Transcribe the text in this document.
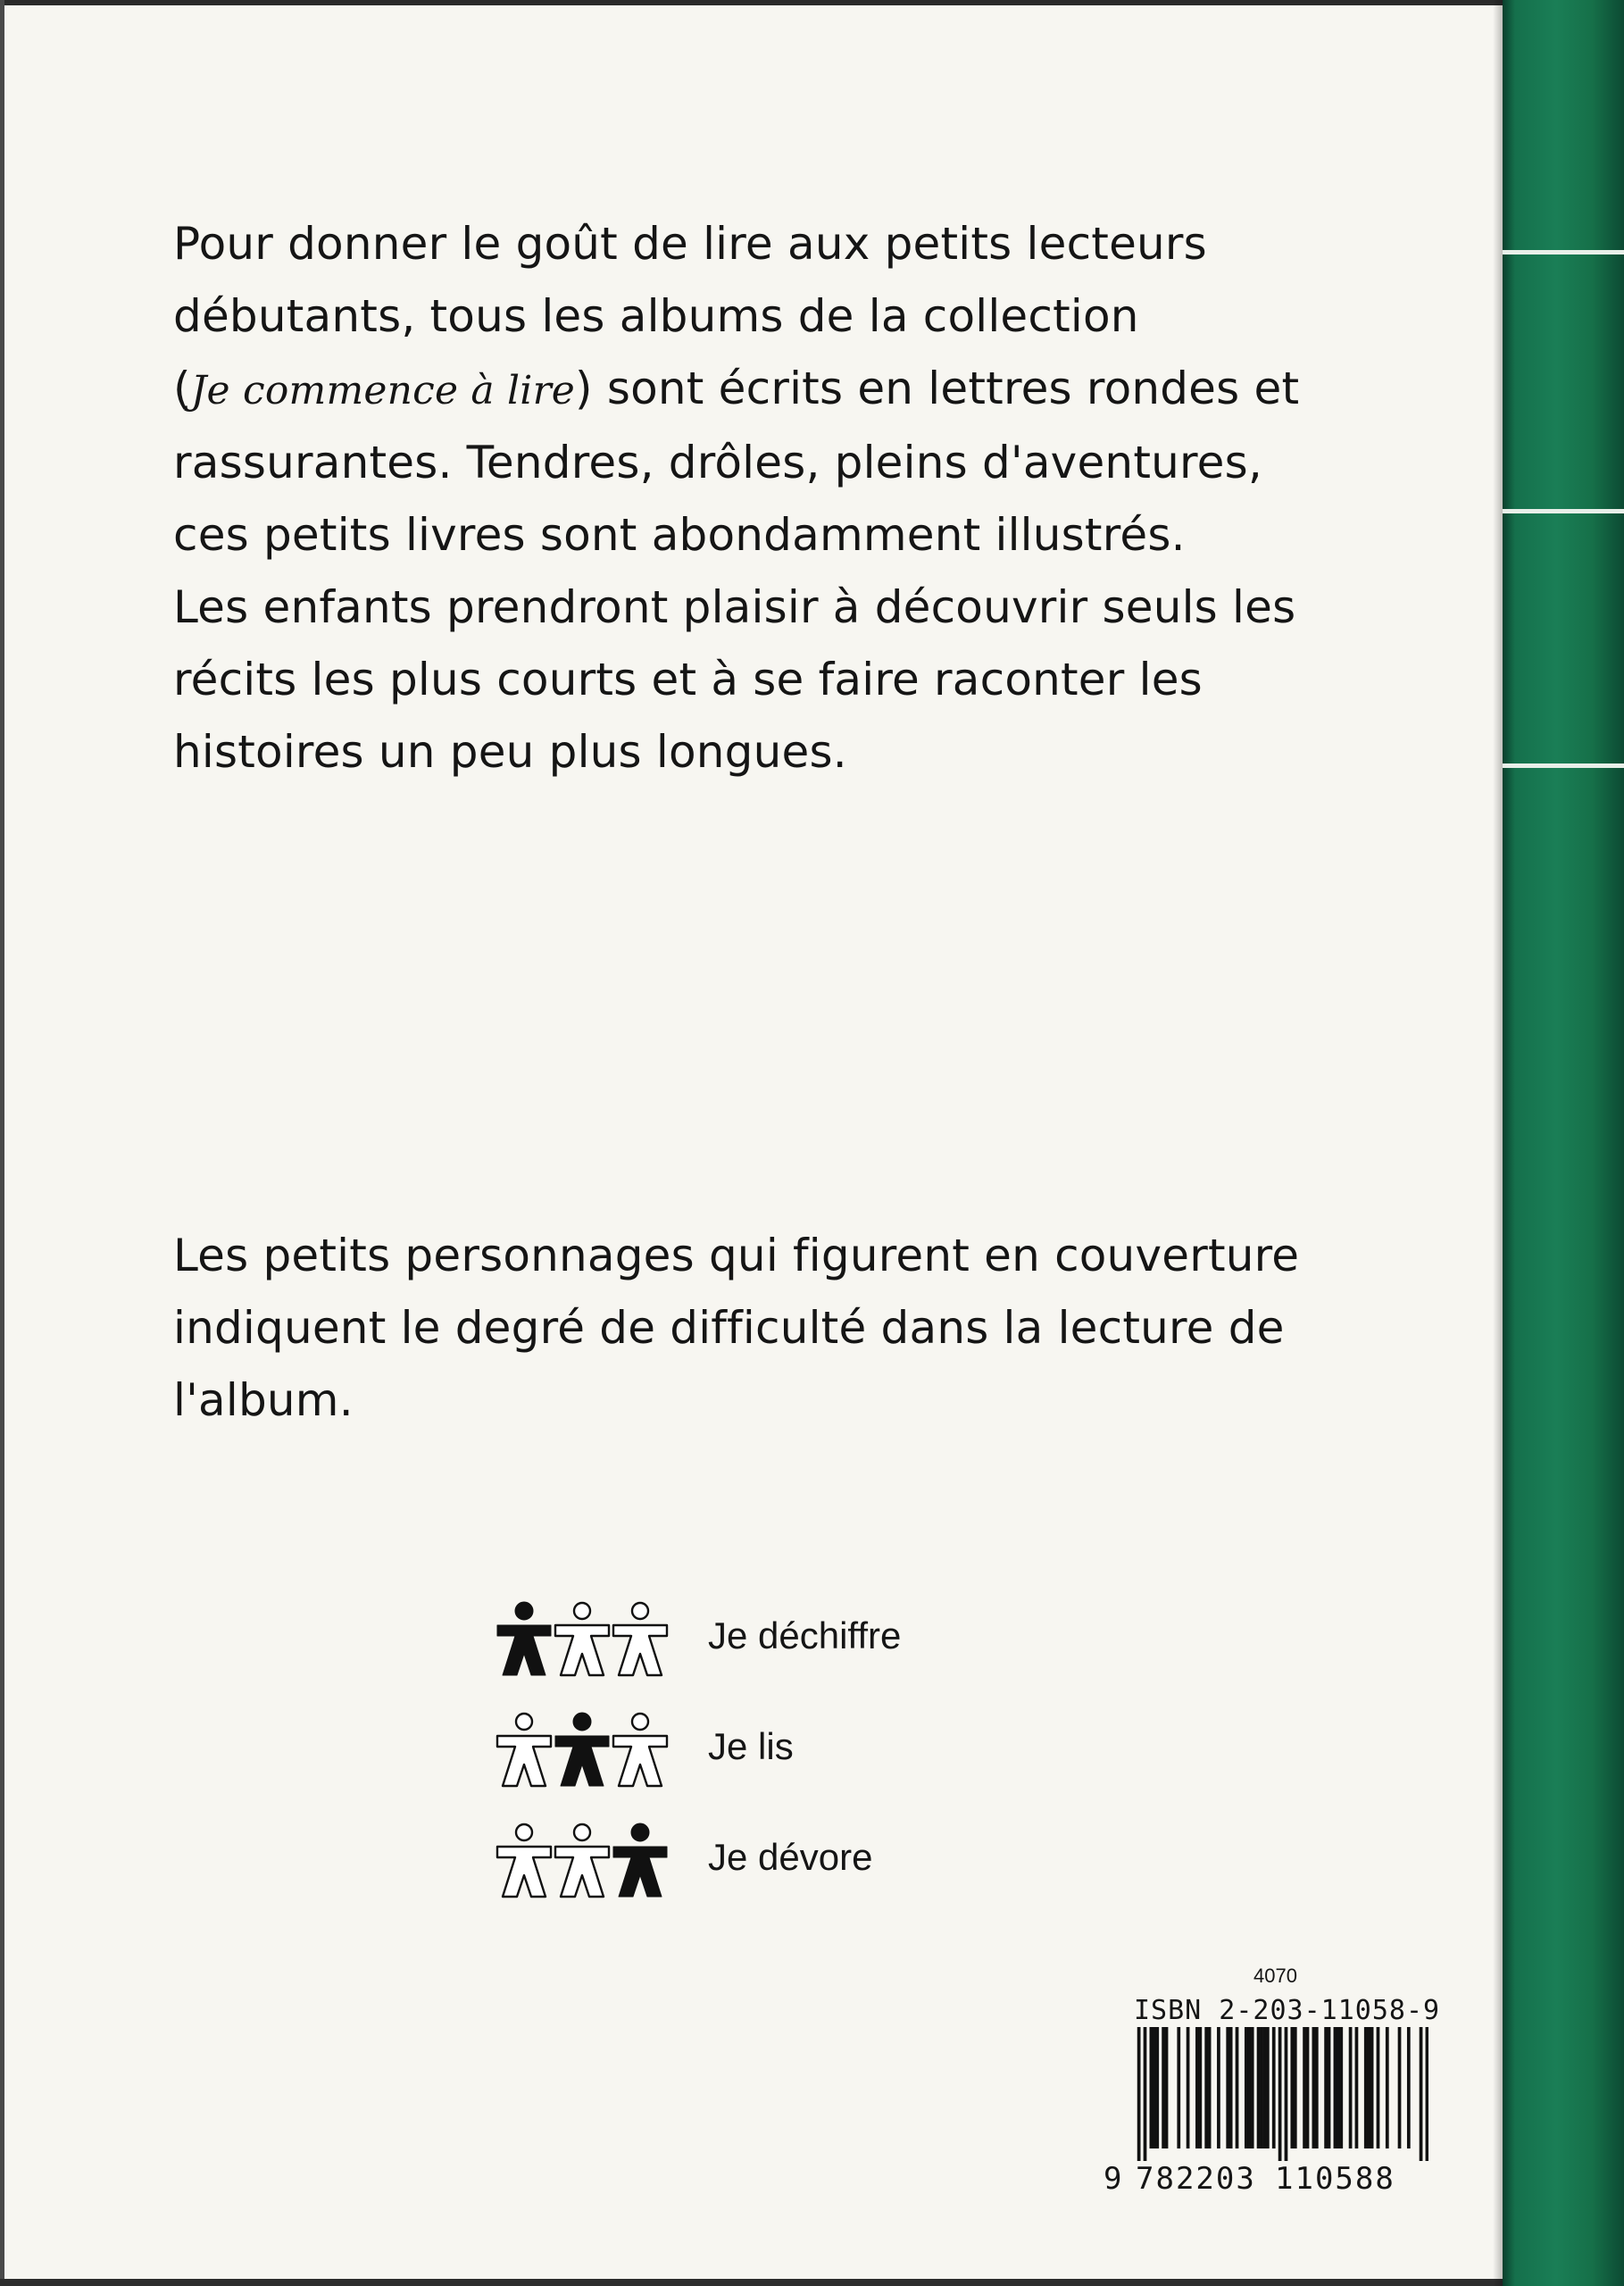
Pour donner le goût de lire aux petits lecteurs
débutants, tous les albums de la collection
(Je commence à lire) sont écrits en lettres rondes et
rassurantes. Tendres, drôles, pleins d'aventures,
ces petits livres sont abondamment illustrés.
Les enfants prendront plaisir à découvrir seuls les
récits les plus courts et à se faire raconter les
histoires un peu plus longues.

Les petits personnages qui figurent en couverture
indiquent le degré de difficulté dans la lecture de
l'album.

Je déchiffre
Je lis
Je dévore
4070
ISBN 2-203-11058-9
9 782203 110588
